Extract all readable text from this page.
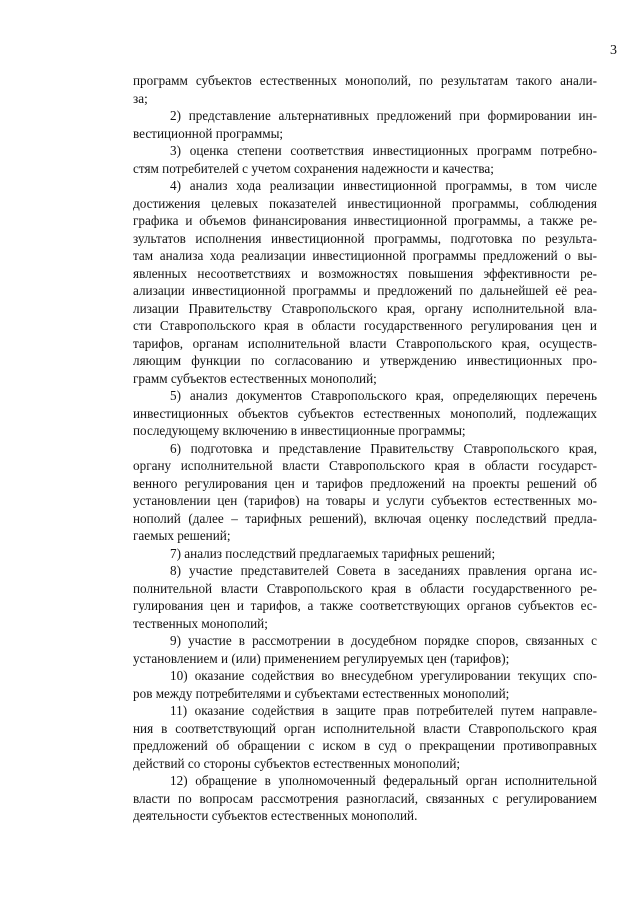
3
программ субъектов естественных монополий, по результатам такого анали-
за;
2) представление альтернативных предложений при формировании ин-
вестиционной программы;
3) оценка степени соответствия инвестиционных программ потребно-
стям потребителей с учетом сохранения надежности и качества;
4) анализ хода реализации инвестиционной программы, в том числе
достижения целевых показателей инвестиционной программы, соблюдения
графика и объемов финансирования инвестиционной программы, а также ре-
зультатов исполнения инвестиционной программы, подготовка по результа-
там анализа хода реализации инвестиционной программы предложений о вы-
явленных несоответствиях и возможностях повышения эффективности ре-
ализации инвестиционной программы и предложений по дальнейшей её реа-
лизации Правительству Ставропольского края, органу исполнительной вла-
сти Ставропольского края в области государственного регулирования цен и
тарифов, органам исполнительной власти Ставропольского края, осуществ-
ляющим функции по согласованию и утверждению инвестиционных про-
грамм субъектов естественных монополий;
5) анализ документов Ставропольского края, определяющих перечень
инвестиционных объектов субъектов естественных монополий, подлежащих
последующему включению в инвестиционные программы;
6) подготовка и представление Правительству Ставропольского края,
органу исполнительной власти Ставропольского края в области государст-
венного регулирования цен и тарифов предложений на проекты решений об
установлении цен (тарифов) на товары и услуги субъектов естественных мо-
нополий (далее – тарифных решений), включая оценку последствий предла-
гаемых решений;
7) анализ последствий предлагаемых тарифных решений;
8) участие представителей Совета в заседаниях правления органа ис-
полнительной власти Ставропольского края в области государственного ре-
гулирования цен и тарифов, а также соответствующих органов субъектов ес-
тественных монополий;
9) участие в рассмотрении в досудебном порядке споров, связанных с
установлением и (или) применением регулируемых цен (тарифов);
10) оказание содействия во внесудебном урегулировании текущих спо-
ров между потребителями и субъектами естественных монополий;
11) оказание содействия в защите прав потребителей путем направле-
ния в соответствующий орган исполнительной власти Ставропольского края
предложений об обращении с иском в суд о прекращении противоправных
действий со стороны субъектов естественных монополий;
12) обращение в уполномоченный федеральный орган исполнительной
власти по вопросам рассмотрения разногласий, связанных с регулированием
деятельности субъектов естественных монополий.
